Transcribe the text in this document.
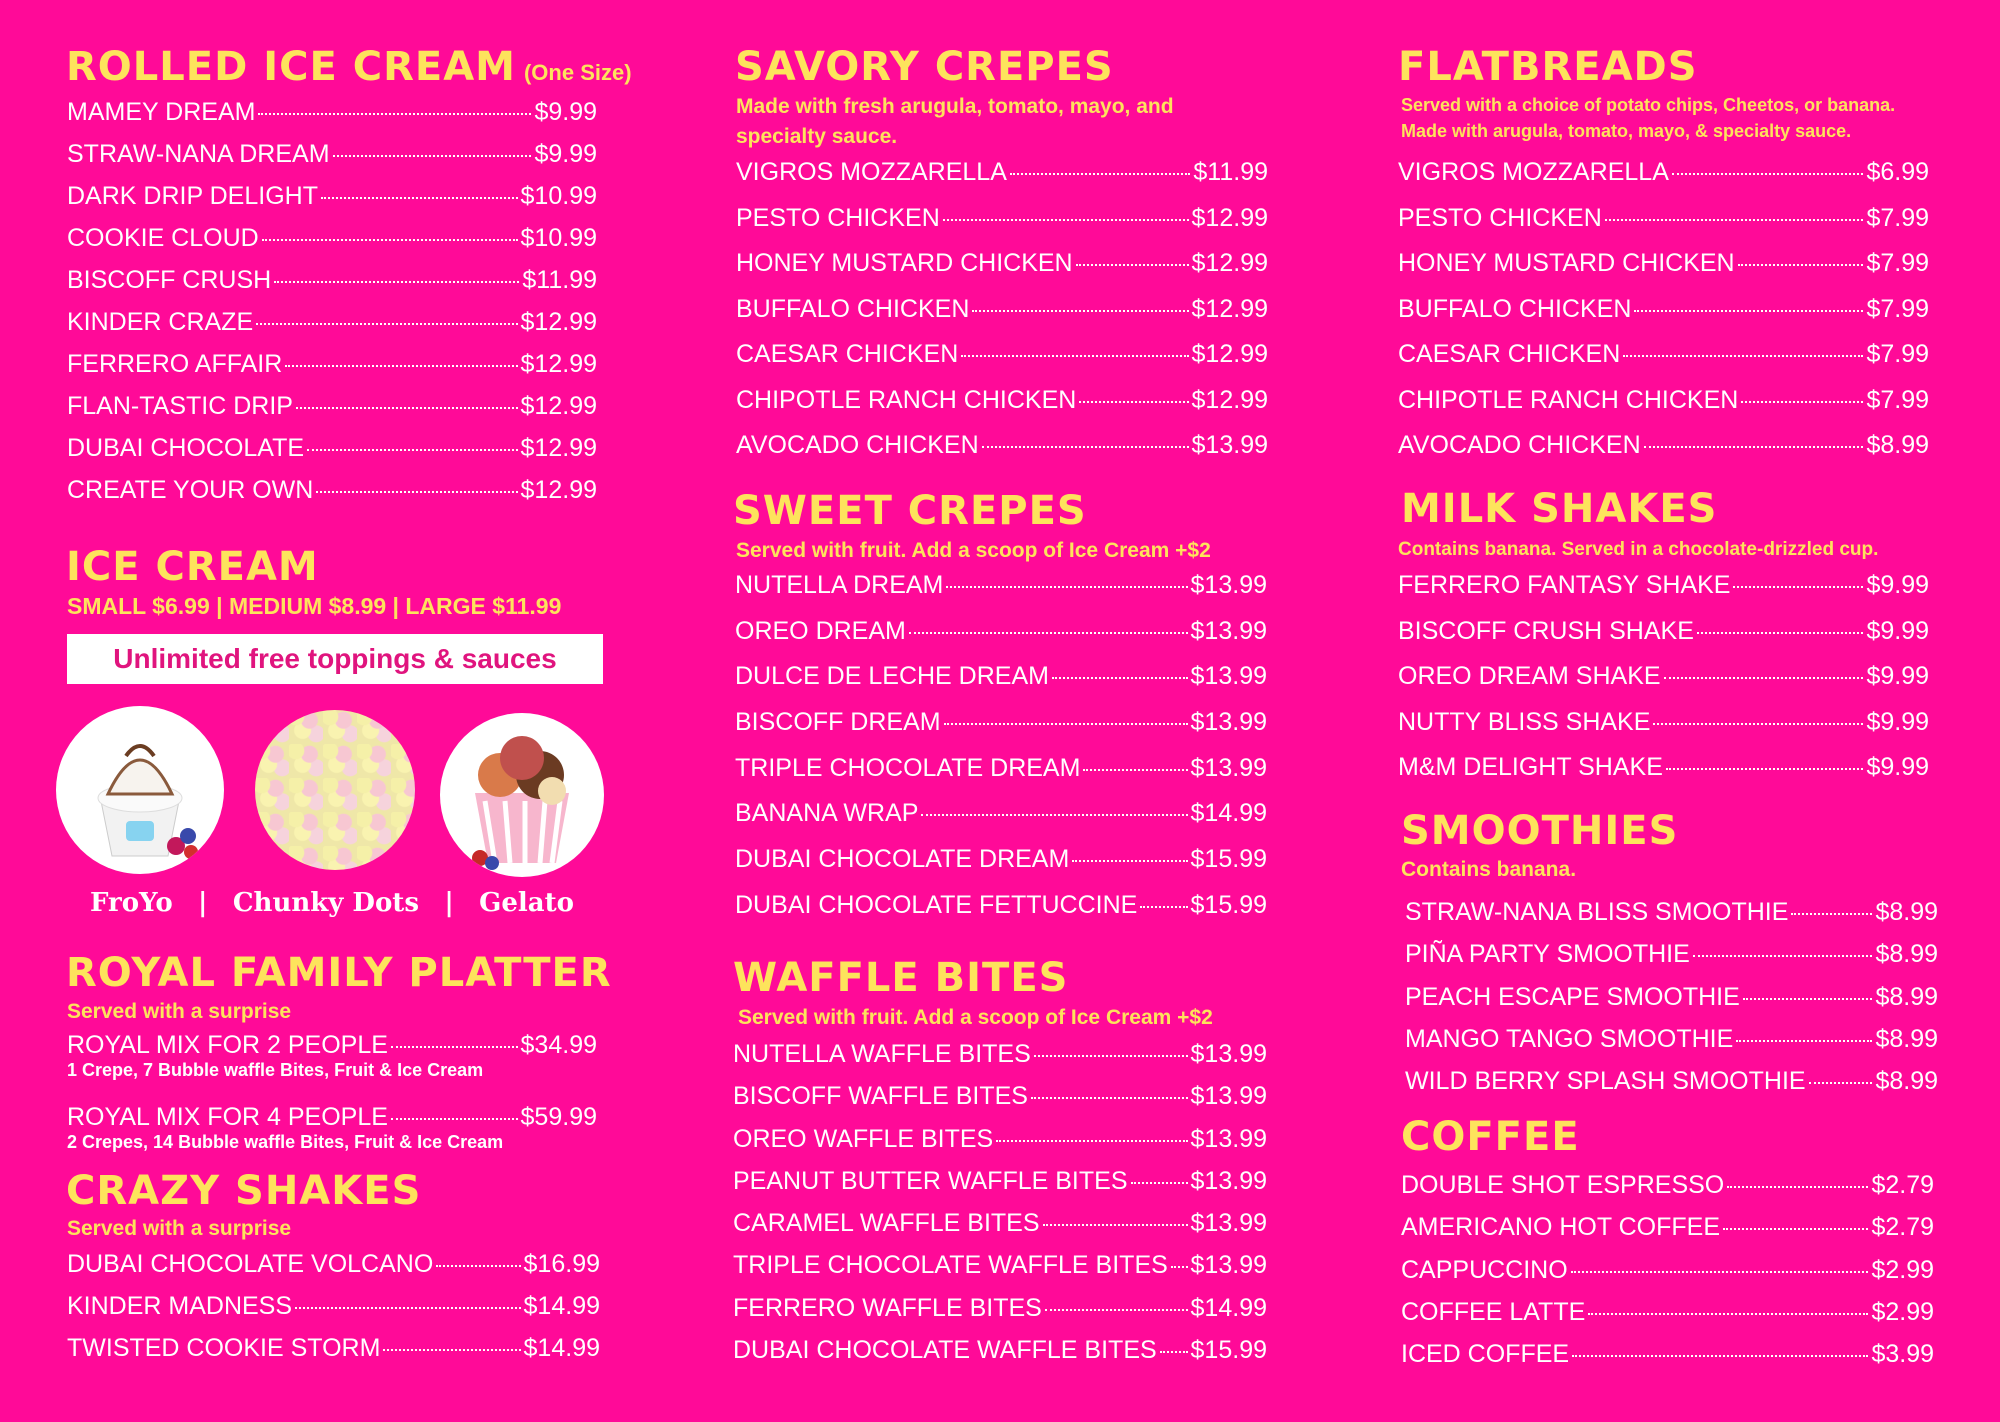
ROLLED ICE CREAM (One Size)
MAMEY DREAM	$9.99
STRAW-NANA DREAM	$9.99
DARK DRIP DELIGHT	$10.99
COOKIE CLOUD	$10.99
BISCOFF CRUSH	$11.99
KINDER CRAZE	$12.99
FERRERO AFFAIR	$12.99
FLAN-TASTIC DRIP	$12.99
DUBAI CHOCOLATE	$12.99
CREATE YOUR OWN	$12.99
ICE CREAM

SMALL $6.99 | MEDIUM $8.99 | LARGE $11.99

Unlimited free toppings & sauces
FroYo | Chunky Dots | Gelato
ROYAL FAMILY PLATTER

Served with a surprise

ROYAL MIX FOR 2 PEOPLE	$34.99
1 Crepe, 7 Bubble waffle Bites, Fruit & Ice Cream
ROYAL MIX FOR 4 PEOPLE	$59.99
2 Crepes, 14 Bubble waffle Bites, Fruit & Ice Cream
CRAZY SHAKES

Served with a surprise

DUBAI CHOCOLATE VOLCANO	$16.99
KINDER MADNESS	$14.99
TWISTED COOKIE STORM	$14.99
SAVORY CREPES

Made with fresh arugula, tomato, mayo, and specialty sauce.

VIGROS MOZZARELLA	$11.99
PESTO CHICKEN	$12.99
HONEY MUSTARD CHICKEN	$12.99
BUFFALO CHICKEN	$12.99
CAESAR CHICKEN	$12.99
CHIPOTLE RANCH CHICKEN	$12.99
AVOCADO CHICKEN	$13.99
SWEET CREPES

Served with fruit. Add a scoop of Ice Cream +$2

NUTELLA DREAM	$13.99
OREO DREAM	$13.99
DULCE DE LECHE DREAM	$13.99
BISCOFF DREAM	$13.99
TRIPLE CHOCOLATE DREAM	$13.99
BANANA WRAP	$14.99
DUBAI CHOCOLATE DREAM	$15.99
DUBAI CHOCOLATE FETTUCCINE $15.99
WAFFLE BITES

Served with fruit. Add a scoop of Ice Cream +$2

NUTELLA WAFFLE BITES	$13.99
BISCOFF WAFFLE BITES	$13.99
OREO WAFFLE BITES	$13.99
PEANUT BUTTER WAFFLE BITES	$13.99
CARAMEL WAFFLE BITES	$13.99
TRIPLE CHOCOLATE WAFFLE BITES $13.99
FERRERO WAFFLE BITES	$14.99
DUBAI CHOCOLATE WAFFLE BITES $15.99
FLATBREADS

Served with a choice of potato chips, Cheetos, or banana.

Made with arugula, tomato, mayo, & specialty sauce.

VIGROS MOZZARELLA	$6.99
PESTO CHICKEN	$7.99
HONEY MUSTARD CHICKEN	$7.99
BUFFALO CHICKEN	$7.99
CAESAR CHICKEN	$7.99
CHIPOTLE RANCH CHICKEN	$7.99
AVOCADO CHICKEN	$8.99
MILK SHAKES

Contains banana. Served in a chocolate-drizzled cup.

FERRERO FANTASY SHAKE	$9.99
BISCOFF CRUSH SHAKE	$9.99
OREO DREAM SHAKE	$9.99
NUTTY BLISS SHAKE	$9.99
M&M DELIGHT SHAKE	$9.99
SMOOTHIES

Contains banana.

STRAW-NANA BLISS SMOOTHIE	$8.99
PIÑA PARTY SMOOTHIE	$8.99
PEACH ESCAPE SMOOTHIE	$8.99
MANGO TANGO SMOOTHIE	$8.99
WILD BERRY SPLASH SMOOTHIE	$8.99
COFFEE
DOUBLE SHOT ESPRESSO	$2.79
AMERICANO HOT COFFEE	$2.79
CAPPUCCINO	$2.99
COFFEE LATTE	$2.99
ICED COFFEE	$3.99
